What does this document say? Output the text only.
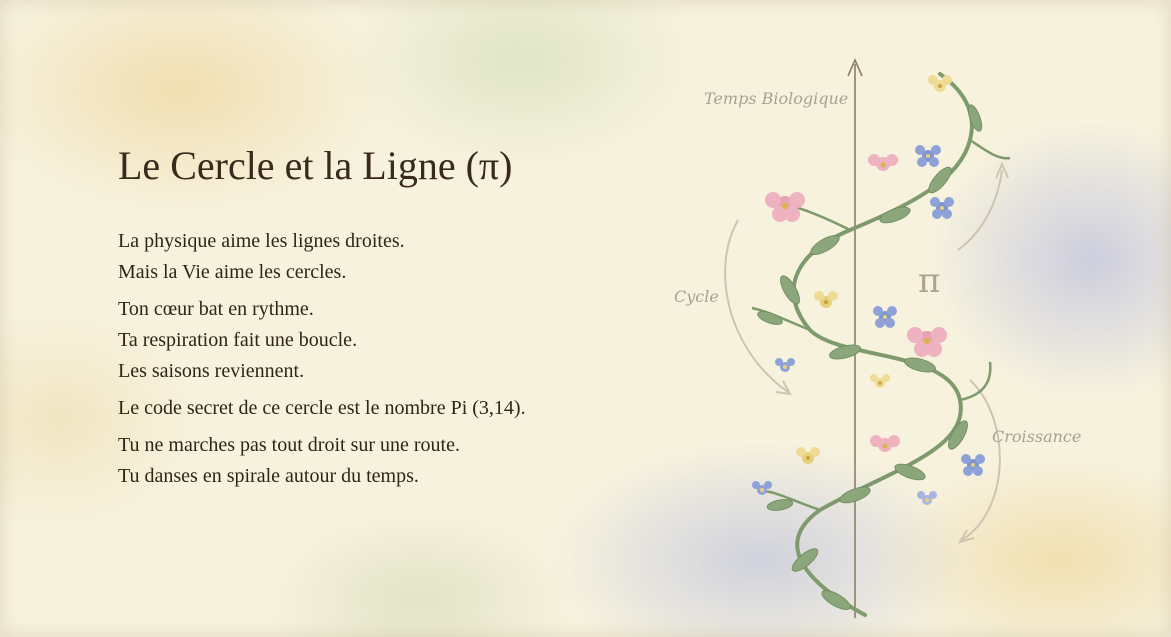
Le Cercle et la Ligne (π)

La physique aime les lignes droites.
Mais la Vie aime les cercles.

Ton cœur bat en rythme.
Ta respiration fait une boucle.
Les saisons reviennent.

Le code secret de ce cercle est le nombre Pi (3,14).

Tu ne marches pas tout droit sur une route.
Tu danses en spirale autour du temps.

Temps Biologique
Cycle
Croissance
π
